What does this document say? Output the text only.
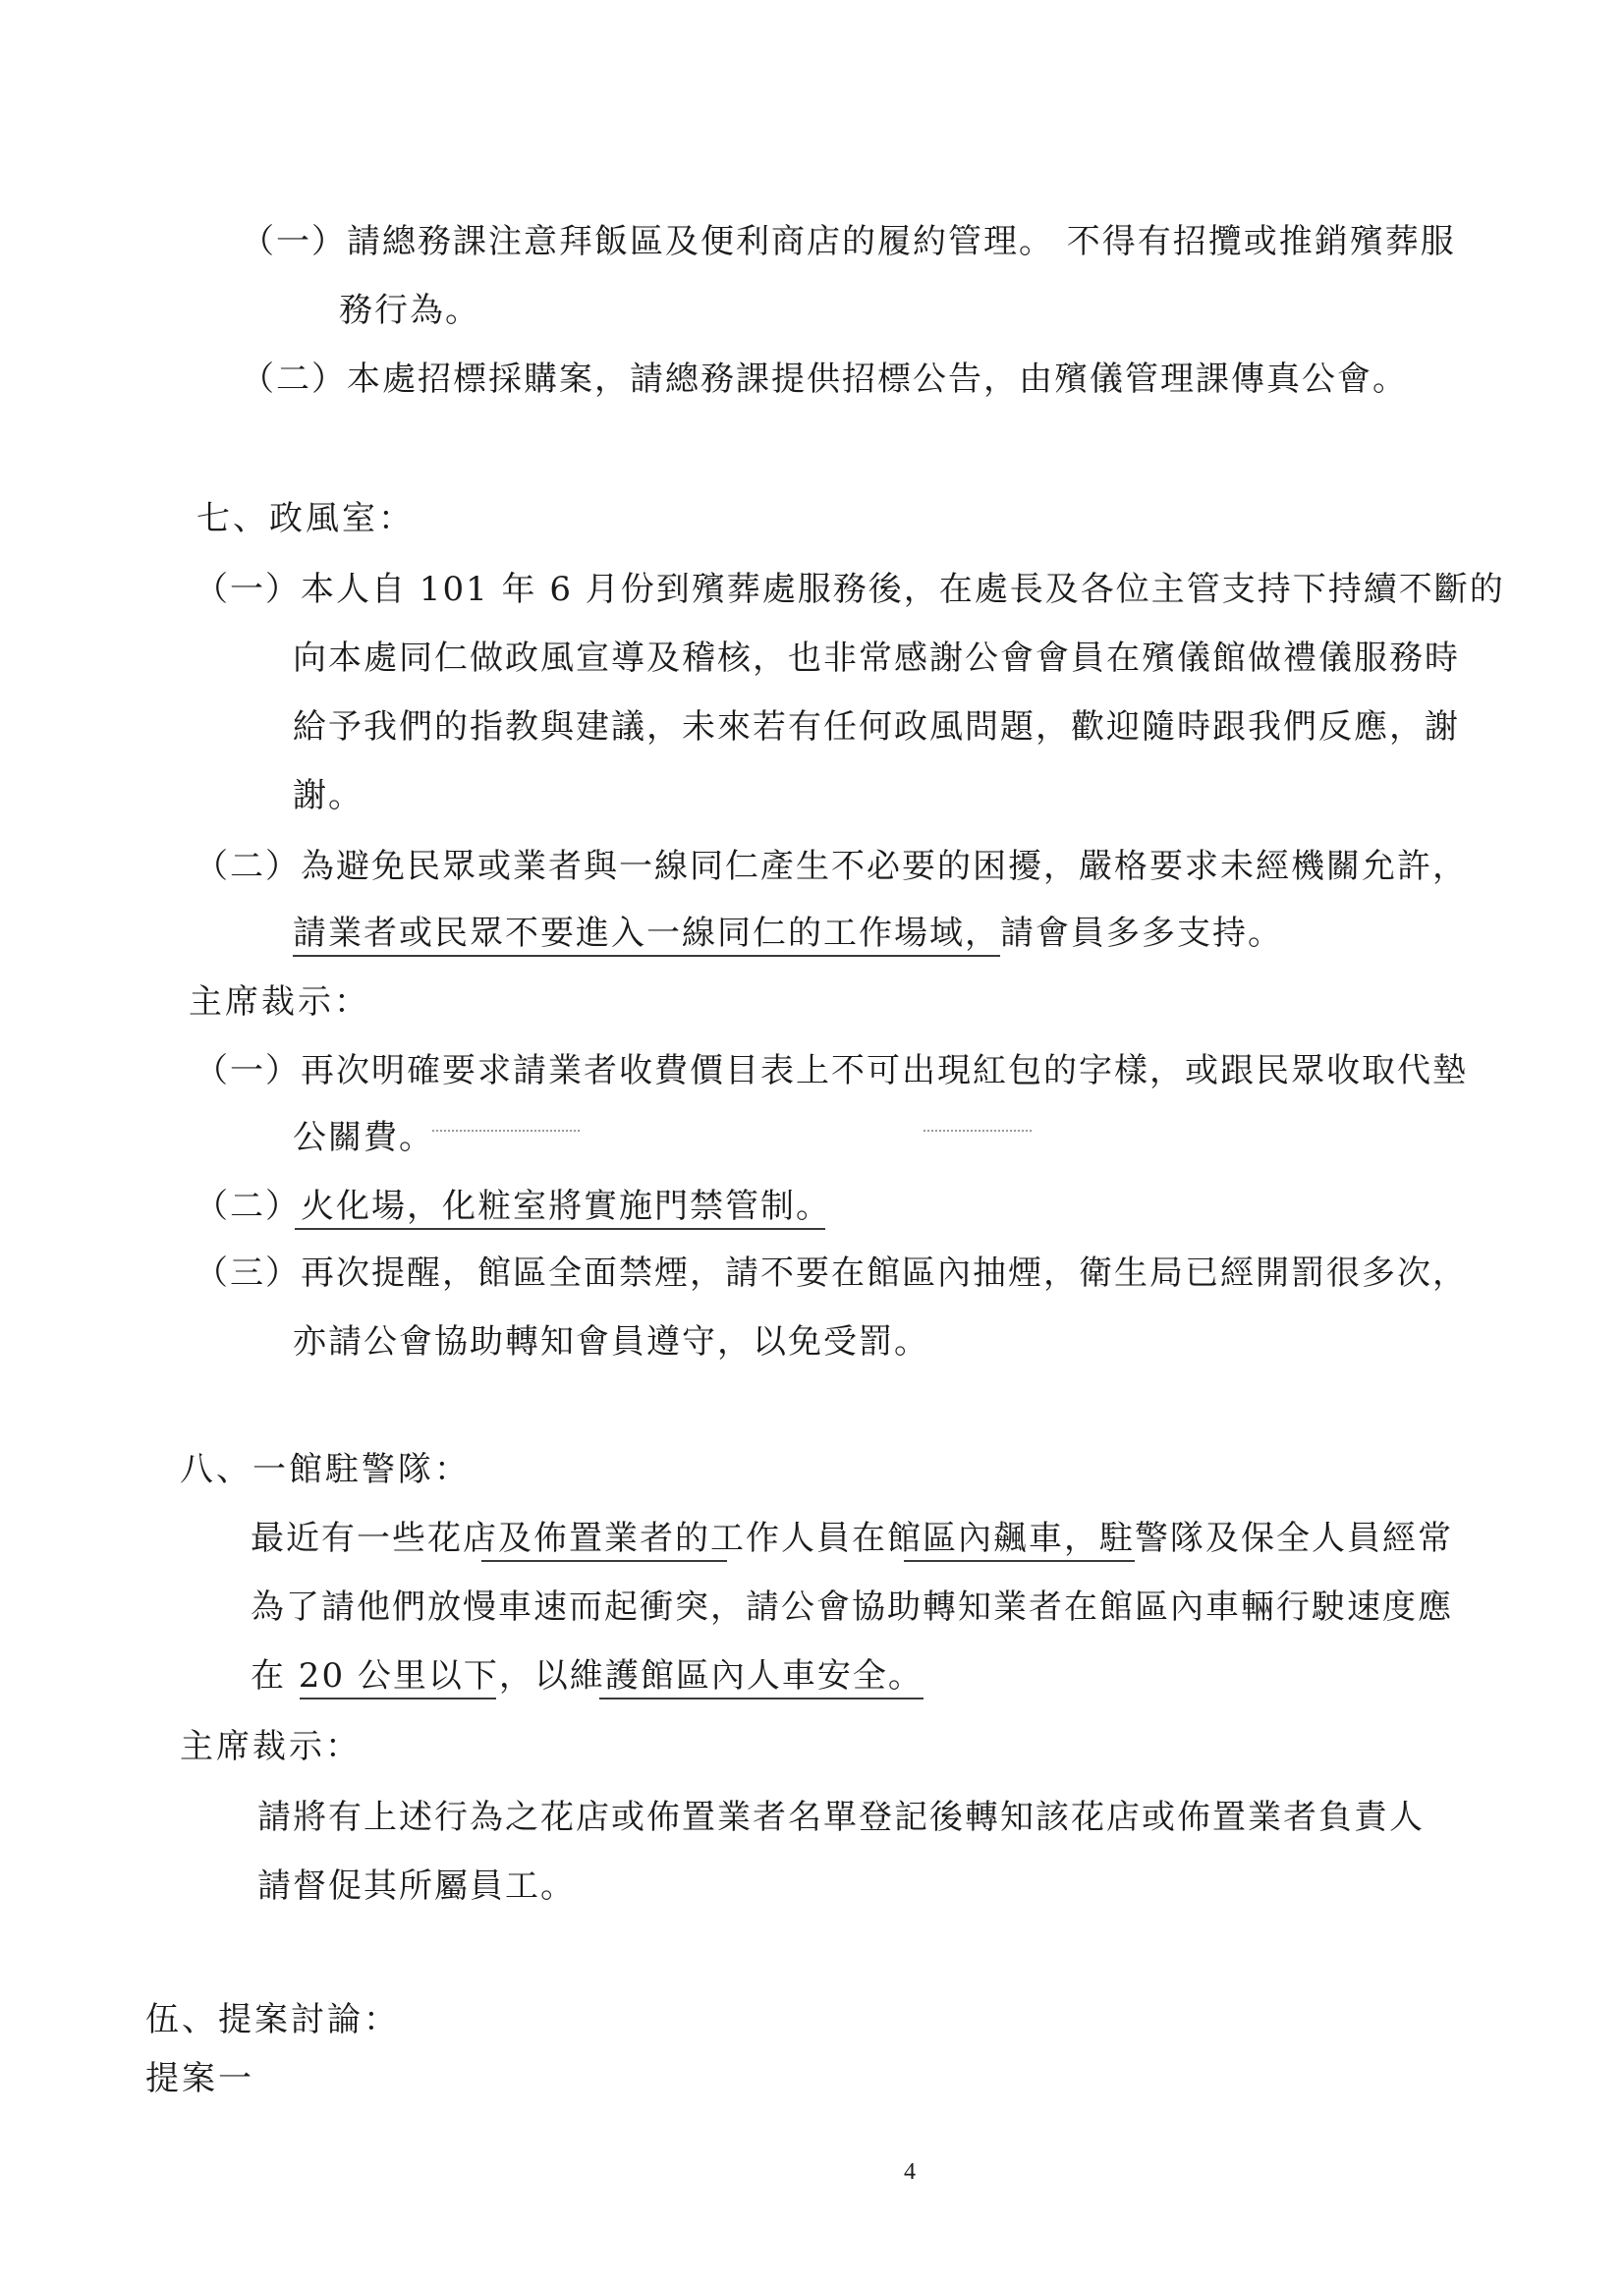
（一）請總務課注意拜飯區及便利商店的履約管理。 不得有招攬或推銷殯葬服
務行為。
（二）本處招標採購案，請總務課提供招標公告，由殯儀管理課傳真公會。
七、政風室：
（一）本人自 101 年 6 月份到殯葬處服務後，在處長及各位主管支持下持續不斷的
向本處同仁做政風宣導及稽核，也非常感謝公會會員在殯儀館做禮儀服務時
給予我們的指教與建議，未來若有任何政風問題，歡迎隨時跟我們反應，謝
謝。
（二）為避免民眾或業者與一線同仁產生不必要的困擾，嚴格要求未經機關允許，
請業者或民眾不要進入一線同仁的工作場域，請會員多多支持。
主席裁示：
（一）再次明確要求請業者收費價目表上不可出現紅包的字樣，或跟民眾收取代墊
公關費。
（二）火化場，化粧室將實施門禁管制。
（三）再次提醒，館區全面禁煙，請不要在館區內抽煙，衛生局已經開罰很多次，
亦請公會協助轉知會員遵守，以免受罰。
八、一館駐警隊：
最近有一些花店及佈置業者的工作人員在館區內飆車，駐警隊及保全人員經常
為了請他們放慢車速而起衝突，請公會協助轉知業者在館區內車輛行駛速度應
在 20 公里以下，以維護館區內人車安全。
主席裁示：
請將有上述行為之花店或佈置業者名單登記後轉知該花店或佈置業者負責人
請督促其所屬員工。
伍、提案討論：
提案一
4
